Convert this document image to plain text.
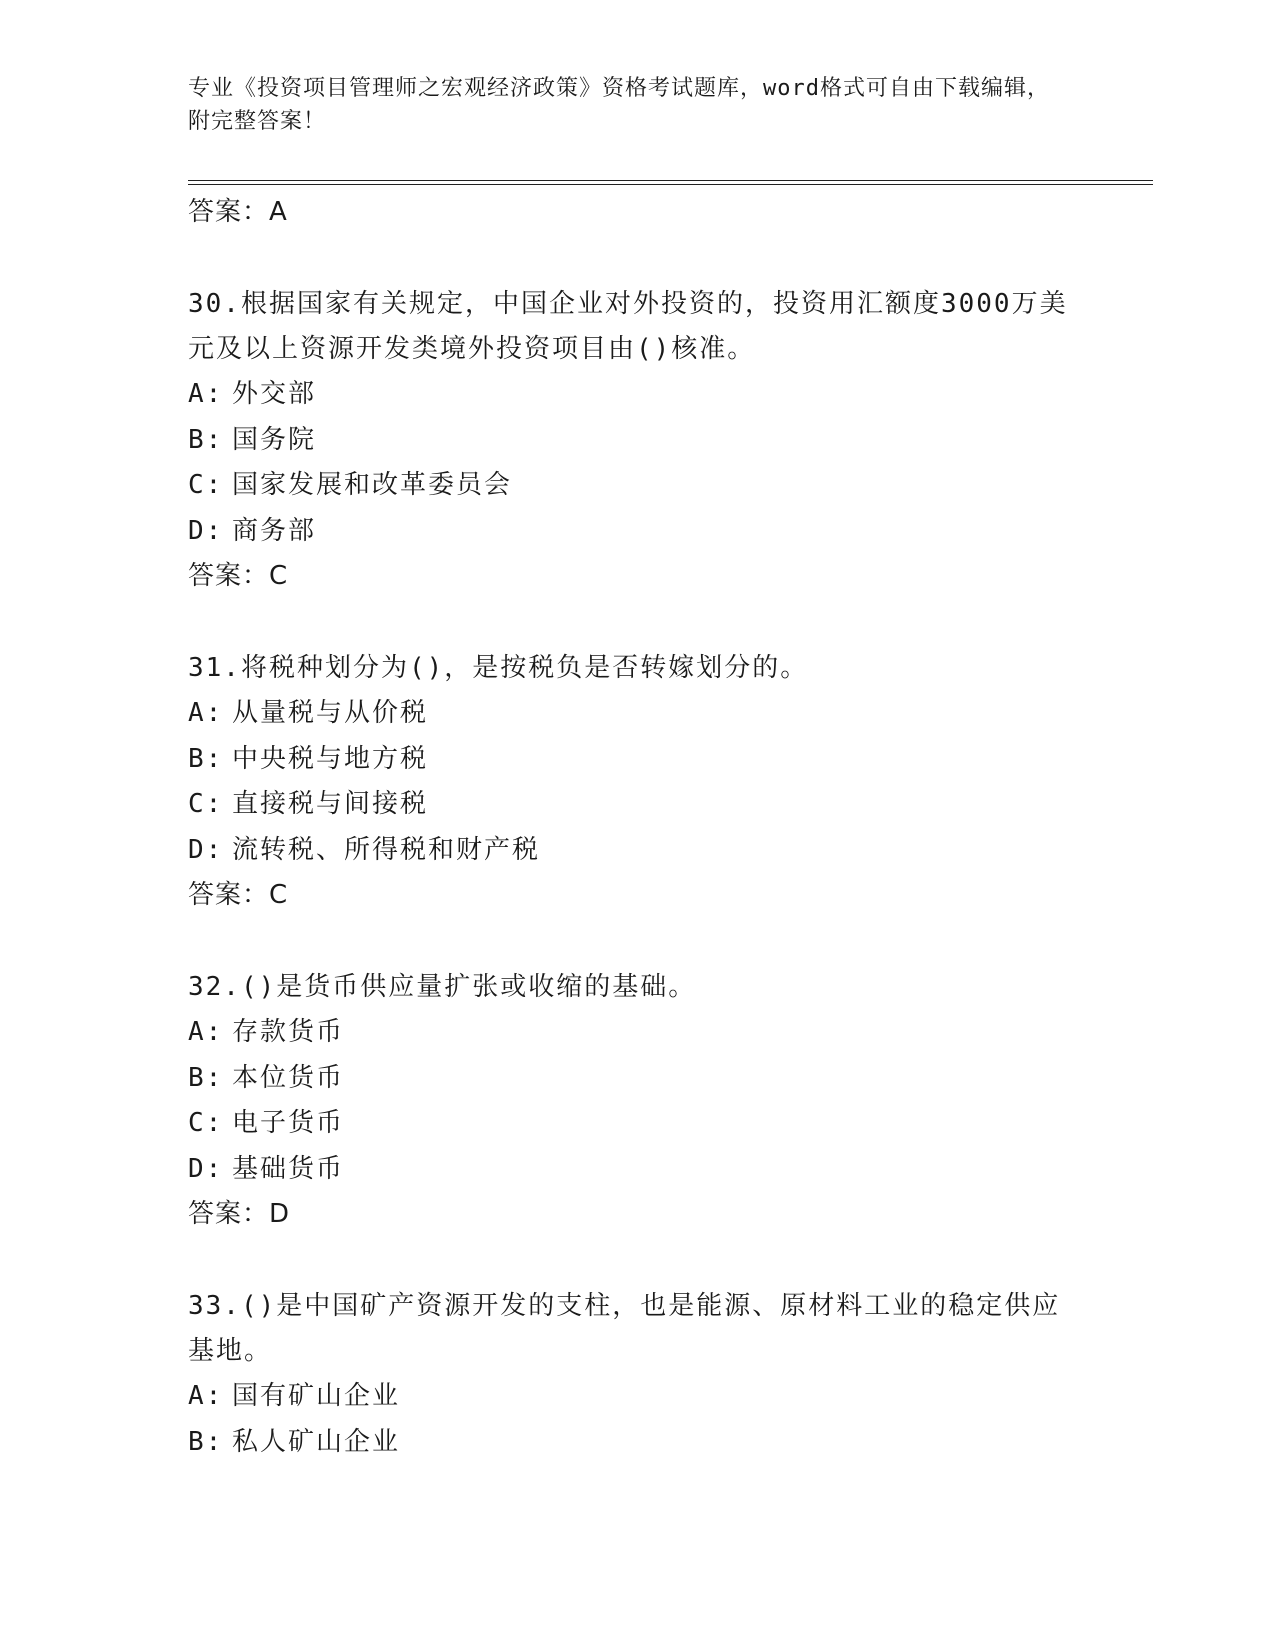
专业《投资项目管理师之宏观经济政策》资格考试题库，word格式可自由下载编辑，附完整答案！
答案：A
30.根据国家有关规定，中国企业对外投资的，投资用汇额度3000万美元及以上资源开发类境外投资项目由()核准。
A: 外交部
B: 国务院
C: 国家发展和改革委员会
D: 商务部
答案：C
31.将税种划分为()，是按税负是否转嫁划分的。
A: 从量税与从价税
B: 中央税与地方税
C: 直接税与间接税
D: 流转税、所得税和财产税
答案：C
32.()是货币供应量扩张或收缩的基础。
A: 存款货币
B: 本位货币
C: 电子货币
D: 基础货币
答案：D
33.()是中国矿产资源开发的支柱，也是能源、原材料工业的稳定供应基地。
A: 国有矿山企业
B: 私人矿山企业
